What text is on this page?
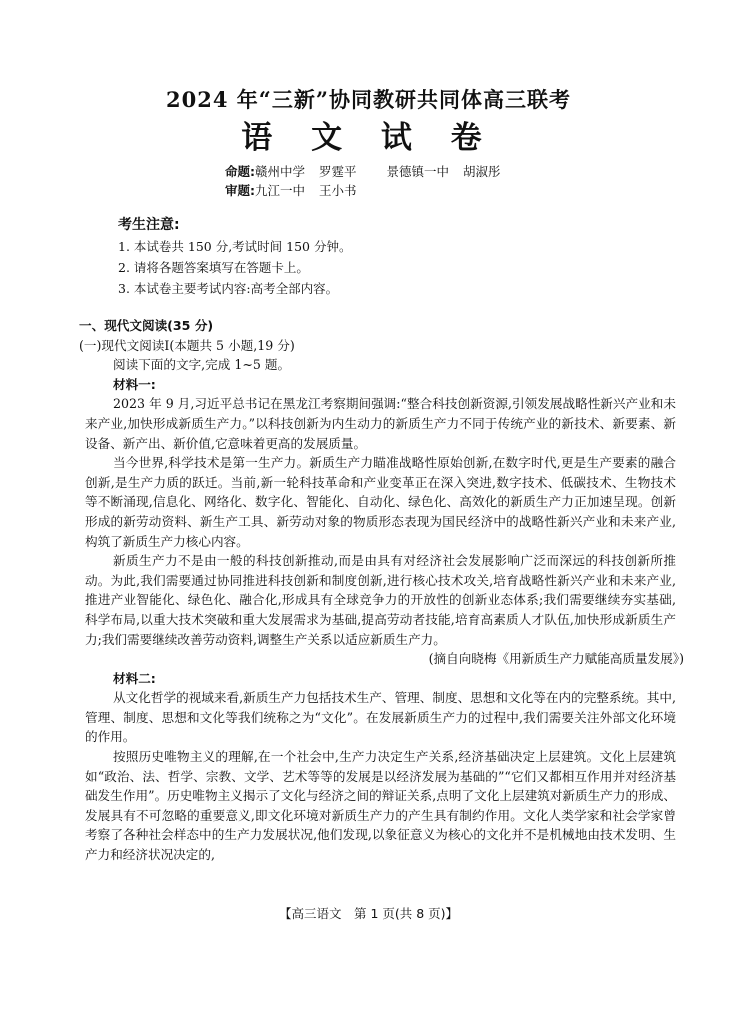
2024 年“三新”协同教研共同体高三联考
语 文 试 卷
命题:赣州中学 罗霆平 景德镇一中 胡淑彤
审题:九江一中 王小书
考生注意:
1. 本试卷共 150 分,考试时间 150 分钟。
2. 请将各题答案填写在答题卡上。
3. 本试卷主要考试内容:高考全部内容。

一、现代文阅读(35 分)

(一)现代文阅读Ⅰ(本题共 5 小题,19 分)

阅读下面的文字,完成 1~5 题。

材料一:

2023 年 9 月,习近平总书记在黑龙江考察期间强调:“整合科技创新资源,引领发展战略性新兴产业和未来产业,加快形成新质生产力。”以科技创新为内生动力的新质生产力不同于传统产业的新技术、新要素、新设备、新产出、新价值,它意味着更高的发展质量。

当今世界,科学技术是第一生产力。新质生产力瞄准战略性原始创新,在数字时代,更是生产要素的融合创新,是生产力质的跃迁。当前,新一轮科技革命和产业变革正在深入突进,数字技术、低碳技术、生物技术等不断涌现,信息化、网络化、数字化、智能化、自动化、绿色化、高效化的新质生产力正加速呈现。创新形成的新劳动资料、新生产工具、新劳动对象的物质形态表现为国民经济中的战略性新兴产业和未来产业,构筑了新质生产力核心内容。

新质生产力不是由一般的科技创新推动,而是由具有对经济社会发展影响广泛而深远的科技创新所推动。为此,我们需要通过协同推进科技创新和制度创新,进行核心技术攻关,培育战略性新兴产业和未来产业,推进产业智能化、绿色化、融合化,形成具有全球竞争力的开放性的创新业态体系;我们需要继续夯实基础,科学布局,以重大技术突破和重大发展需求为基础,提高劳动者技能,培育高素质人才队伍,加快形成新质生产力;我们需要继续改善劳动资料,调整生产关系以适应新质生产力。

(摘自向晓梅《用新质生产力赋能高质量发展》)

材料二:

从文化哲学的视域来看,新质生产力包括技术生产、管理、制度、思想和文化等在内的完整系统。其中,管理、制度、思想和文化等我们统称之为“文化”。在发展新质生产力的过程中,我们需要关注外部文化环境的作用。

按照历史唯物主义的理解,在一个社会中,生产力决定生产关系,经济基础决定上层建筑。文化上层建筑如“政治、法、哲学、宗教、文学、艺术等等的发展是以经济发展为基础的”“它们又都相互作用并对经济基础发生作用”。历史唯物主义揭示了文化与经济之间的辩证关系,点明了文化上层建筑对新质生产力的形成、发展具有不可忽略的重要意义,即文化环境对新质生产力的产生具有制约作用。文化人类学家和社会学家曾考察了各种社会样态中的生产力发展状况,他们发现,以象征意义为核心的文化并不是机械地由技术发明、生产力和经济状况决定的,

【高三语文　第 1 页(共 8 页)】
